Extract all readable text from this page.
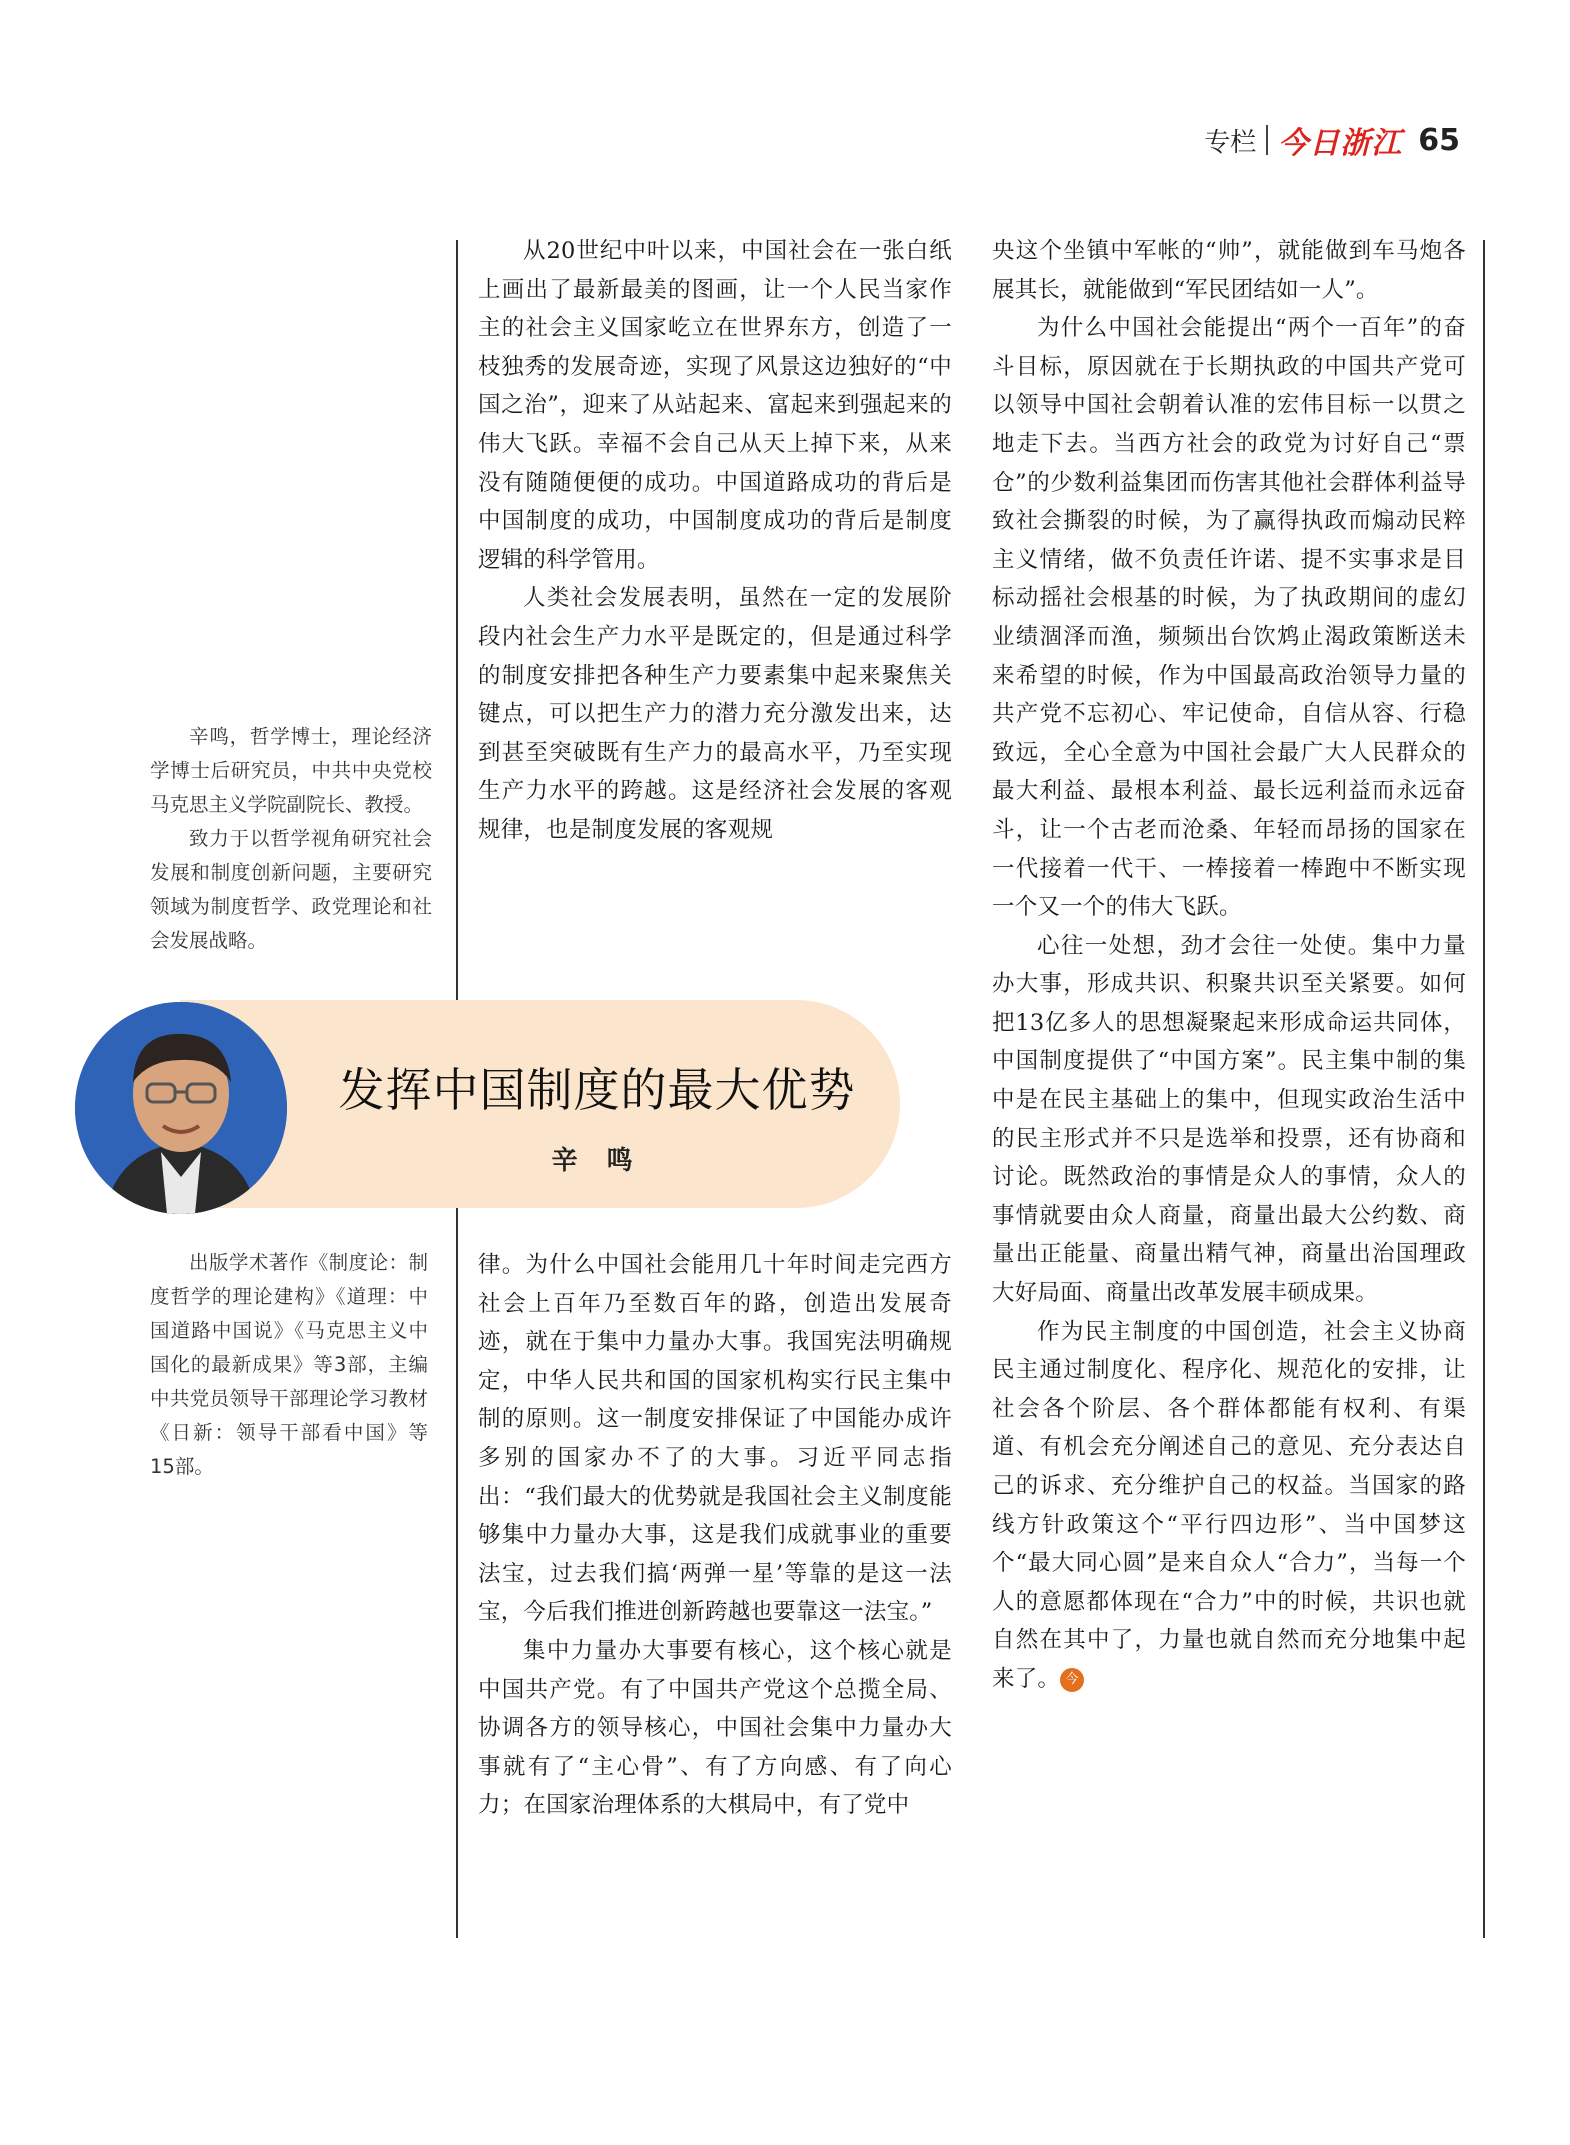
专栏 今日浙江 65

辛鸣，哲学博士，理论经济学博士后研究员，中共中央党校马克思主义学院副院长、教授。

致力于以哲学视角研究社会发展和制度创新问题，主要研究领域为制度哲学、政党理论和社会发展战略。

从20世纪中叶以来，中国社会在一张白纸上画出了最新最美的图画，让一个人民当家作主的社会主义国家屹立在世界东方，创造了一枝独秀的发展奇迹，实现了风景这边独好的“中国之治”，迎来了从站起来、富起来到强起来的伟大飞跃。幸福不会自己从天上掉下来，从来没有随随便便的成功。中国道路成功的背后是中国制度的成功，中国制度成功的背后是制度逻辑的科学管用。

人类社会发展表明，虽然在一定的发展阶段内社会生产力水平是既定的，但是通过科学的制度安排把各种生产力要素集中起来聚焦关键点，可以把生产力的潜力充分激发出来，达到甚至突破既有生产力的最高水平，乃至实现生产力水平的跨越。这是经济社会发展的客观规律，也是制度发展的客观规

发挥中国制度的最大优势
辛 鸣

出版学术著作《制度论：制度哲学的理论建构》《道理：中国道路中国说》《马克思主义中国化的最新成果》等3部，主编中共党员领导干部理论学习教材《日新：领导干部看中国》等15部。

律。为什么中国社会能用几十年时间走完西方社会上百年乃至数百年的路，创造出发展奇迹，就在于集中力量办大事。我国宪法明确规定，中华人民共和国的国家机构实行民主集中制的原则。这一制度安排保证了中国能办成许多别的国家办不了的大事。习近平同志指出：“我们最大的优势就是我国社会主义制度能够集中力量办大事，这是我们成就事业的重要法宝，过去我们搞‘两弹一星’等靠的是这一法宝，今后我们推进创新跨越也要靠这一法宝。”

集中力量办大事要有核心，这个核心就是中国共产党。有了中国共产党这个总揽全局、协调各方的领导核心，中国社会集中力量办大事就有了“主心骨”、有了方向感、有了向心力；在国家治理体系的大棋局中，有了党中

央这个坐镇中军帐的“帅”，就能做到车马炮各展其长，就能做到“军民团结如一人”。

为什么中国社会能提出“两个一百年”的奋斗目标，原因就在于长期执政的中国共产党可以领导中国社会朝着认准的宏伟目标一以贯之地走下去。当西方社会的政党为讨好自己“票仓”的少数利益集团而伤害其他社会群体利益导致社会撕裂的时候，为了赢得执政而煽动民粹主义情绪，做不负责任许诺、提不实事求是目标动摇社会根基的时候，为了执政期间的虚幻业绩涸泽而渔，频频出台饮鸩止渴政策断送未来希望的时候，作为中国最高政治领导力量的共产党不忘初心、牢记使命，自信从容、行稳致远，全心全意为中国社会最广大人民群众的最大利益、最根本利益、最长远利益而永远奋斗，让一个古老而沧桑、年轻而昂扬的国家在一代接着一代干、一棒接着一棒跑中不断实现一个又一个的伟大飞跃。

心往一处想，劲才会往一处使。集中力量办大事，形成共识、积聚共识至关紧要。如何把13亿多人的思想凝聚起来形成命运共同体，中国制度提供了“中国方案”。民主集中制的集中是在民主基础上的集中，但现实政治生活中的民主形式并不只是选举和投票，还有协商和讨论。既然政治的事情是众人的事情，众人的事情就要由众人商量，商量出最大公约数、商量出正能量、商量出精气神，商量出治国理政大好局面、商量出改革发展丰硕成果。

作为民主制度的中国创造，社会主义协商民主通过制度化、程序化、规范化的安排，让社会各个阶层、各个群体都能有权利、有渠道、有机会充分阐述自己的意见、充分表达自己的诉求、充分维护自己的权益。当国家的路线方针政策这个“平行四边形”、当中国梦这个“最大同心圆”是来自众人“合力”，当每一个人的意愿都体现在“合力”中的时候，共识也就自然在其中了，力量也就自然而充分地集中起来了。 今
